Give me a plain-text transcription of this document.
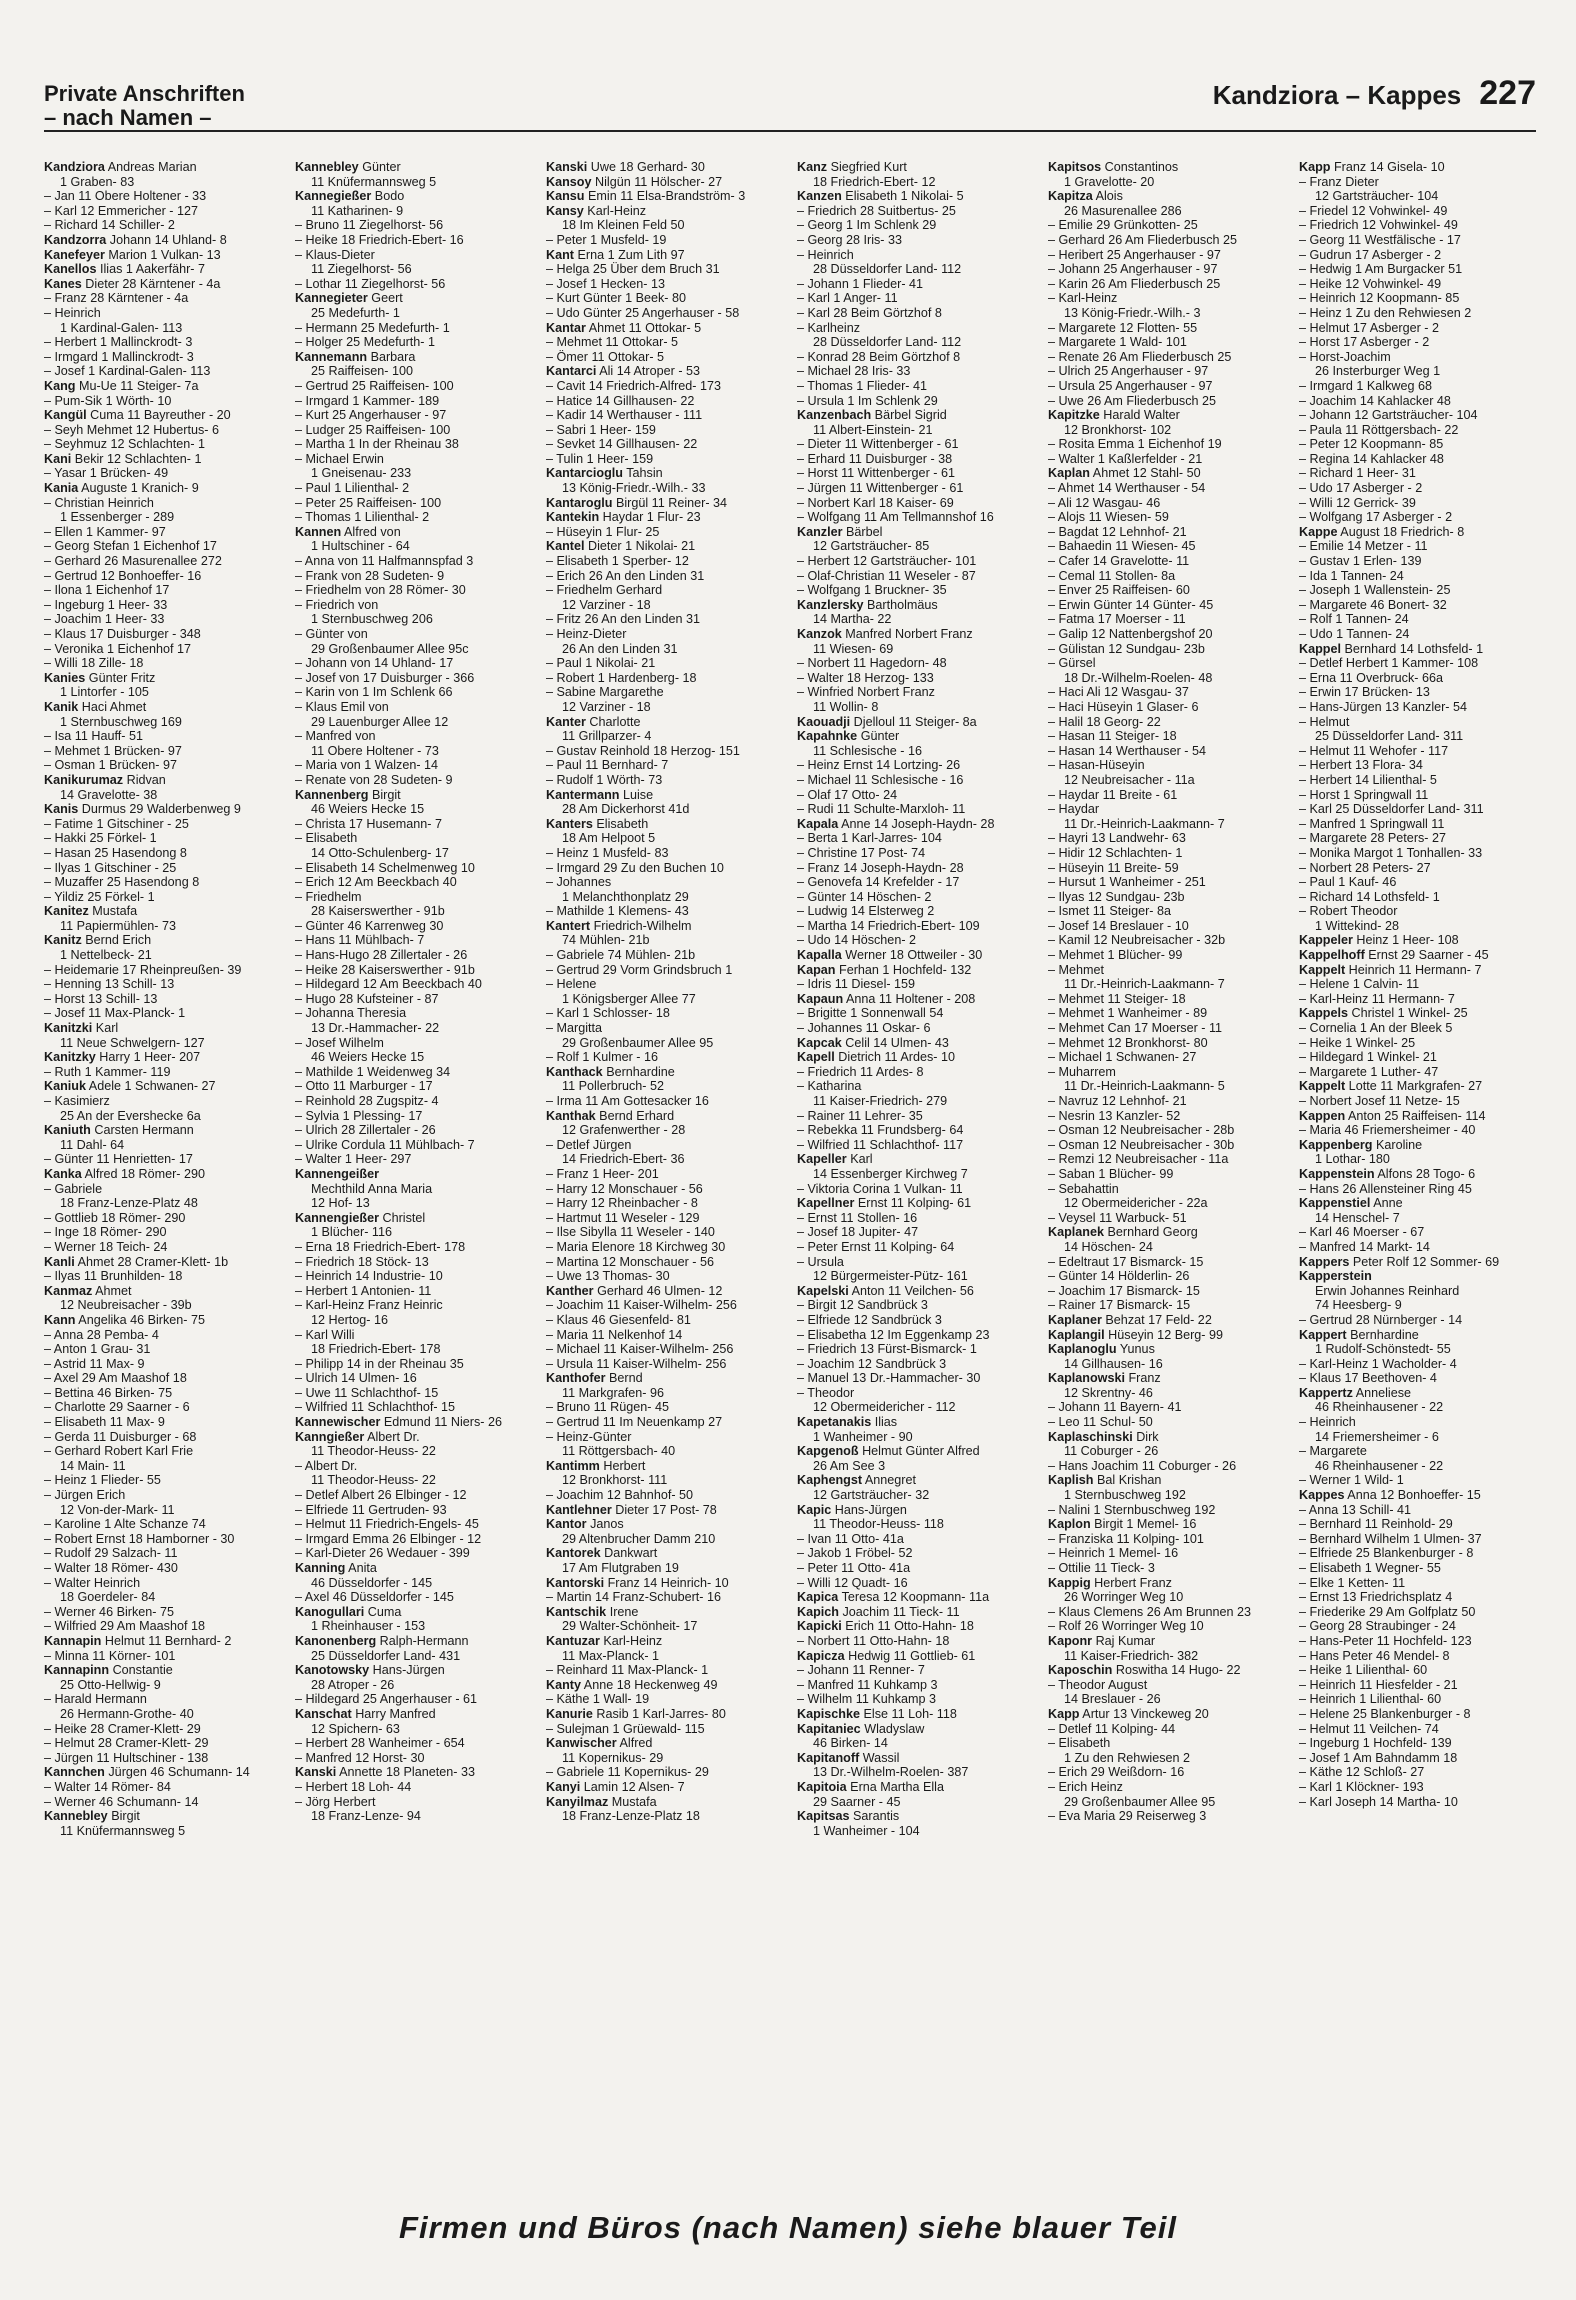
Private Anschriften
– nach Namen –
Kandziora – Kappes 227
Kandziora Andreas Marian
1 Graben- 83
– Jan 11 Obere Holtener - 33
– Karl 12 Emmericher - 127
– Richard 14 Schiller- 2
Kandzorra Johann 14 Uhland- 8
Kanefeyer Marion 1 Vulkan- 13
Kanellos Ilias 1 Aakerfähr- 7
Kanes Dieter 28 Kärntener - 4a
– Franz 28 Kärntener - 4a
– Heinrich
1 Kardinal-Galen- 113
– Herbert 1 Mallinckrodt- 3
– Irmgard 1 Mallinckrodt- 3
– Josef 1 Kardinal-Galen- 113
Kang Mu-Ue 11 Steiger- 7a
– Pum-Sik 1 Wörth- 10
Kangül Cuma 11 Bayreuther - 20
– Seyh Mehmet 12 Hubertus- 6
– Seyhmuz 12 Schlachten- 1
Kani Bekir 12 Schlachten- 1
– Yasar 1 Brücken- 49
Kania Auguste 1 Kranich- 9
– Christian Heinrich
1 Essenberger - 289
– Ellen 1 Kammer- 97
– Georg Stefan 1 Eichenhof 17
– Gerhard 26 Masurenallee 272
– Gertrud 12 Bonhoeffer- 16
– Ilona 1 Eichenhof 17
– Ingeburg 1 Heer- 33
– Joachim 1 Heer- 33
– Klaus 17 Duisburger - 348
– Veronika 1 Eichenhof 17
– Willi 18 Zille- 18
Kanies Günter Fritz
1 Lintorfer - 105
Kanik Haci Ahmet
1 Sternbuschweg 169
– Isa 11 Hauff- 51
– Mehmet 1 Brücken- 97
– Osman 1 Brücken- 97
Kanikurumaz Ridvan
14 Gravelotte- 38
Kanis Durmus 29 Walderbenweg 9
– Fatime 1 Gitschiner - 25
– Hakki 25 Förkel- 1
– Hasan 25 Hasendong 8
– Ilyas 1 Gitschiner - 25
– Muzaffer 25 Hasendong 8
– Yildiz 25 Förkel- 1
Kanitez Mustafa
11 Papiermühlen- 73
Kanitz Bernd Erich
1 Nettelbeck- 21
– Heidemarie 17 Rheinpreußen- 39
– Henning 13 Schill- 13
– Horst 13 Schill- 13
– Josef 11 Max-Planck- 1
Kanitzki Karl
11 Neue Schwelgern- 127
Kanitzky Harry 1 Heer- 207
– Ruth 1 Kammer- 119
Kaniuk Adele 1 Schwanen- 27
– Kasimierz
25 An der Evershecke 6a
Kaniuth Carsten Hermann
11 Dahl- 64
– Günter 11 Henrietten- 17
Kanka Alfred 18 Römer- 290
– Gabriele
18 Franz-Lenze-Platz 48
– Gottlieb 18 Römer- 290
– Inge 18 Römer- 290
– Werner 18 Teich- 24
Kanli Ahmet 28 Cramer-Klett- 1b
– Ilyas 11 Brunhilden- 18
Kanmaz Ahmet
12 Neubreisacher - 39b
Kann Angelika 46 Birken- 75
– Anna 28 Pemba- 4
– Anton 1 Grau- 31
– Astrid 11 Max- 9
– Axel 29 Am Maashof 18
– Bettina 46 Birken- 75
– Charlotte 29 Saarner - 6
– Elisabeth 11 Max- 9
– Gerda 11 Duisburger - 68
– Gerhard Robert Karl Frie
14 Main- 11
– Heinz 1 Flieder- 55
– Jürgen Erich
12 Von-der-Mark- 11
– Karoline 1 Alte Schanze 74
– Robert Ernst 18 Hamborner - 30
– Rudolf 29 Salzach- 11
– Walter 18 Römer- 430
– Walter Heinrich
18 Goerdeler- 84
– Werner 46 Birken- 75
– Wilfried 29 Am Maashof 18
Kannapin Helmut 11 Bernhard- 2
– Minna 11 Körner- 101
Kannapinn Constantie
25 Otto-Hellwig- 9
– Harald Hermann
26 Hermann-Grothe- 40
– Heike 28 Cramer-Klett- 29
– Helmut 28 Cramer-Klett- 29
– Jürgen 11 Hultschiner - 138
Kannchen Jürgen 46 Schumann- 14
– Walter 14 Römer- 84
– Werner 46 Schumann- 14
Kannebley Birgit
11 Knüfermannsweg 5
Kannebley Günter
11 Knüfermannsweg 5
Kannegießer Bodo
11 Katharinen- 9
– Bruno 11 Ziegelhorst- 56
– Heike 18 Friedrich-Ebert- 16
– Klaus-Dieter
11 Ziegelhorst- 56
– Lothar 11 Ziegelhorst- 56
Kannegieter Geert
25 Medefurth- 1
– Hermann 25 Medefurth- 1
– Holger 25 Medefurth- 1
Kannemann Barbara
25 Raiffeisen- 100
– Gertrud 25 Raiffeisen- 100
– Irmgard 1 Kammer- 189
– Kurt 25 Angerhauser - 97
– Ludger 25 Raiffeisen- 100
– Martha 1 In der Rheinau 38
– Michael Erwin
1 Gneisenau- 233
– Paul 1 Lilienthal- 2
– Peter 25 Raiffeisen- 100
– Thomas 1 Lilienthal- 2
Kannen Alfred von
1 Hultschiner - 64
– Anna von 11 Halfmannspfad 3
– Frank von 28 Sudeten- 9
– Friedhelm von 28 Römer- 30
– Friedrich von
1 Sternbuschweg 206
– Günter von
29 Großenbaumer Allee 95c
– Johann von 14 Uhland- 17
– Josef von 17 Duisburger - 366
– Karin von 1 Im Schlenk 66
– Klaus Emil von
29 Lauenburger Allee 12
– Manfred von
11 Obere Holtener - 73
– Maria von 1 Walzen- 14
– Renate von 28 Sudeten- 9
Kannenberg Birgit
46 Weiers Hecke 15
– Christa 17 Husemann- 7
– Elisabeth
14 Otto-Schulenberg- 17
– Elisabeth 14 Schelmenweg 10
– Erich 12 Am Beeckbach 40
– Friedhelm
28 Kaiserswerther - 91b
– Günter 46 Karrenweg 30
– Hans 11 Mühlbach- 7
– Hans-Hugo 28 Zillertaler - 26
– Heike 28 Kaiserswerther - 91b
– Hildegard 12 Am Beeckbach 40
– Hugo 28 Kufsteiner - 87
– Johanna Theresia
13 Dr.-Hammacher- 22
– Josef Wilhelm
46 Weiers Hecke 15
– Mathilde 1 Weidenweg 34
– Otto 11 Marburger - 17
– Reinhold 28 Zugspitz- 4
– Sylvia 1 Plessing- 17
– Ulrich 28 Zillertaler - 26
– Ulrike Cordula 11 Mühlbach- 7
– Walter 1 Heer- 297
Kannengeißer
Mechthild Anna Maria
12 Hof- 13
Kannengießer Christel
1 Blücher- 116
– Erna 18 Friedrich-Ebert- 178
– Friedrich 18 Stöck- 13
– Heinrich 14 Industrie- 10
– Herbert 1 Antonien- 11
– Karl-Heinz Franz Heinric
12 Hertog- 16
– Karl Willi
18 Friedrich-Ebert- 178
– Philipp 14 in der Rheinau 35
– Ulrich 14 Ulmen- 16
– Uwe 11 Schlachthof- 15
– Wilfried 11 Schlachthof- 15
Kannewischer Edmund 11 Niers- 26
Kanngießer Albert Dr.
11 Theodor-Heuss- 22
– Albert Dr.
11 Theodor-Heuss- 22
– Detlef Albert 26 Elbinger - 12
– Elfriede 11 Gertruden- 93
– Helmut 11 Friedrich-Engels- 45
– Irmgard Emma 26 Elbinger - 12
– Karl-Dieter 26 Wedauer - 399
Kanning Anita
46 Düsseldorfer - 145
– Axel 46 Düsseldorfer - 145
Kanogullari Cuma
1 Rheinhauser - 153
Kanonenberg Ralph-Hermann
25 Düsseldorfer Land- 431
Kanotowsky Hans-Jürgen
28 Atroper - 26
– Hildegard 25 Angerhauser - 61
Kanschat Harry Manfred
12 Spichern- 63
– Herbert 28 Wanheimer - 654
– Manfred 12 Horst- 30
Kanski Annette 18 Planeten- 33
– Herbert 18 Loh- 44
– Jörg Herbert
18 Franz-Lenze- 94
Kanski Uwe 18 Gerhard- 30
Kansoy Nilgün 11 Hölscher- 27
Kansu Emin 11 Elsa-Brandström- 3
Kansy Karl-Heinz
18 Im Kleinen Feld 50
– Peter 1 Musfeld- 19
Kant Erna 1 Zum Lith 97
– Helga 25 Über dem Bruch 31
– Josef 1 Hecken- 13
– Kurt Günter 1 Beek- 80
– Udo Günter 25 Angerhauser - 58
Kantar Ahmet 11 Ottokar- 5
– Mehmet 11 Ottokar- 5
– Ömer 11 Ottokar- 5
Kantarci Ali 14 Atroper - 53
– Cavit 14 Friedrich-Alfred- 173
– Hatice 14 Gillhausen- 22
– Kadir 14 Werthauser - 111
– Sabri 1 Heer- 159
– Sevket 14 Gillhausen- 22
– Tulin 1 Heer- 159
Kantarcioglu Tahsin
13 König-Friedr.-Wilh.- 33
Kantaroglu Birgül 11 Reiner- 34
Kantekin Haydar 1 Flur- 23
– Hüseyin 1 Flur- 25
Kantel Dieter 1 Nikolai- 21
– Elisabeth 1 Sperber- 12
– Erich 26 An den Linden 31
– Friedhelm Gerhard
12 Varziner - 18
– Fritz 26 An den Linden 31
– Heinz-Dieter
26 An den Linden 31
– Paul 1 Nikolai- 21
– Robert 1 Hardenberg- 18
– Sabine Margarethe
12 Varziner - 18
Kanter Charlotte
11 Grillparzer- 4
– Gustav Reinhold 18 Herzog- 151
– Paul 11 Bernhard- 7
– Rudolf 1 Wörth- 73
Kantermann Luise
28 Am Dickerhorst 41d
Kanters Elisabeth
18 Am Helpoot 5
– Heinz 1 Musfeld- 83
– Irmgard 29 Zu den Buchen 10
– Johannes
1 Melanchthonplatz 29
– Mathilde 1 Klemens- 43
Kantert Friedrich-Wilhelm
74 Mühlen- 21b
– Gabriele 74 Mühlen- 21b
– Gertrud 29 Vorm Grindsbruch 1
– Helene
1 Königsberger Allee 77
– Karl 1 Schlosser- 18
– Margitta
29 Großenbaumer Allee 95
– Rolf 1 Kulmer - 16
Kanthack Bernhardine
11 Pollerbruch- 52
– Irma 11 Am Gottesacker 16
Kanthak Bernd Erhard
12 Grafenwerther - 28
– Detlef Jürgen
14 Friedrich-Ebert- 36
– Franz 1 Heer- 201
– Harry 12 Monschauer - 56
– Harry 12 Rheinbacher - 8
– Hartmut 11 Weseler - 129
– Ilse Sibylla 11 Weseler - 140
– Maria Elenore 18 Kirchweg 30
– Martina 12 Monschauer - 56
– Uwe 13 Thomas- 30
Kanther Gerhard 46 Ulmen- 12
– Joachim 11 Kaiser-Wilhelm- 256
– Klaus 46 Giesenfeld- 81
– Maria 11 Nelkenhof 14
– Michael 11 Kaiser-Wilhelm- 256
– Ursula 11 Kaiser-Wilhelm- 256
Kanthofer Bernd
11 Markgrafen- 96
– Bruno 11 Rügen- 45
– Gertrud 11 Im Neuenkamp 27
– Heinz-Günter
11 Röttgersbach- 40
Kantimm Herbert
12 Bronkhorst- 111
– Joachim 12 Bahnhof- 50
Kantlehner Dieter 17 Post- 78
Kantor Janos
29 Altenbrucher Damm 210
Kantorek Dankwart
17 Am Flutgraben 19
Kantorski Franz 14 Heinrich- 10
– Martin 14 Franz-Schubert- 16
Kantschik Irene
29 Walter-Schönheit- 17
Kantuzar Karl-Heinz
11 Max-Planck- 1
– Reinhard 11 Max-Planck- 1
Kanty Anne 18 Heckenweg 49
– Käthe 1 Wall- 19
Kanurie Rasib 1 Karl-Jarres- 80
– Sulejman 1 Grüewald- 115
Kanwischer Alfred
11 Kopernikus- 29
– Gabriele 11 Kopernikus- 29
Kanyi Lamin 12 Alsen- 7
Kanyilmaz Mustafa
18 Franz-Lenze-Platz 18
Kanz Siegfried Kurt
18 Friedrich-Ebert- 12
Kanzen Elisabeth 1 Nikolai- 5
– Friedrich 28 Suitbertus- 25
– Georg 1 Im Schlenk 29
– Georg 28 Iris- 33
– Heinrich
28 Düsseldorfer Land- 112
– Johann 1 Flieder- 41
– Karl 1 Anger- 11
– Karl 28 Beim Görtzhof 8
– Karlheinz
28 Düsseldorfer Land- 112
– Konrad 28 Beim Görtzhof 8
– Michael 28 Iris- 33
– Thomas 1 Flieder- 41
– Ursula 1 Im Schlenk 29
Kanzenbach Bärbel Sigrid
11 Albert-Einstein- 21
– Dieter 11 Wittenberger - 61
– Erhard 11 Duisburger - 38
– Horst 11 Wittenberger - 61
– Jürgen 11 Wittenberger - 61
– Norbert Karl 18 Kaiser- 69
– Wolfgang 11 Am Tellmannshof 16
Kanzler Bärbel
12 Gartsträucher- 85
– Herbert 12 Gartsträucher- 101
– Olaf-Christian 11 Weseler - 87
– Wolfgang 1 Bruckner- 35
Kanzlersky Bartholmäus
14 Martha- 22
Kanzok Manfred Norbert Franz
11 Wiesen- 69
– Norbert 11 Hagedorn- 48
– Walter 18 Herzog- 133
– Winfried Norbert Franz
11 Wollin- 8
Kaouadji Djelloul 11 Steiger- 8a
Kapahnke Günter
11 Schlesische - 16
– Heinz Ernst 14 Lortzing- 26
– Michael 11 Schlesische - 16
– Olaf 17 Otto- 24
– Rudi 11 Schulte-Marxloh- 11
Kapala Anne 14 Joseph-Haydn- 28
– Berta 1 Karl-Jarres- 104
– Christine 17 Post- 74
– Franz 14 Joseph-Haydn- 28
– Genovefa 14 Krefelder - 17
– Günter 14 Höschen- 2
– Ludwig 14 Elsterweg 2
– Martha 14 Friedrich-Ebert- 109
– Udo 14 Höschen- 2
Kapalla Werner 18 Ottweiler - 30
Kapan Ferhan 1 Hochfeld- 132
– Idris 11 Diesel- 159
Kapaun Anna 11 Holtener - 208
– Brigitte 1 Sonnenwall 54
– Johannes 11 Oskar- 6
Kapcak Celil 14 Ulmen- 43
Kapell Dietrich 11 Ardes- 10
– Friedrich 11 Ardes- 8
– Katharina
11 Kaiser-Friedrich- 279
– Rainer 11 Lehrer- 35
– Rebekka 11 Frundsberg- 64
– Wilfried 11 Schlachthof- 117
Kapeller Karl
14 Essenberger Kirchweg 7
– Viktoria Corina 1 Vulkan- 11
Kapellner Ernst 11 Kolping- 61
– Ernst 11 Stollen- 16
– Josef 18 Jupiter- 47
– Peter Ernst 11 Kolping- 64
– Ursula
12 Bürgermeister-Pütz- 161
Kapelski Anton 11 Veilchen- 56
– Birgit 12 Sandbrück 3
– Elfriede 12 Sandbrück 3
– Elisabetha 12 Im Eggenkamp 23
– Friedrich 13 Fürst-Bismarck- 1
– Joachim 12 Sandbrück 3
– Manuel 13 Dr.-Hammacher- 30
– Theodor
12 Obermeidericher - 112
Kapetanakis Ilias
1 Wanheimer - 90
Kapgenoß Helmut Günter Alfred
26 Am See 3
Kaphengst Annegret
12 Gartsträucher- 32
Kapic Hans-Jürgen
11 Theodor-Heuss- 118
– Ivan 11 Otto- 41a
– Jakob 1 Fröbel- 52
– Peter 11 Otto- 41a
– Willi 12 Quadt- 16
Kapica Teresa 12 Koopmann- 11a
Kapich Joachim 11 Tieck- 11
Kapicki Erich 11 Otto-Hahn- 18
– Norbert 11 Otto-Hahn- 18
Kapicza Hedwig 11 Gottlieb- 61
– Johann 11 Renner- 7
– Manfred 11 Kuhkamp 3
– Wilhelm 11 Kuhkamp 3
Kapischke Else 11 Loh- 118
Kapitaniec Wladyslaw
46 Birken- 14
Kapitanoff Wassil
13 Dr.-Wilhelm-Roelen- 387
Kapitoia Erna Martha Ella
29 Saarner - 45
Kapitsas Sarantis
1 Wanheimer - 104
Kapitsos Constantinos
1 Gravelotte- 20
Kapitza Alois
26 Masurenallee 286
– Emilie 29 Grünkotten- 25
– Gerhard 26 Am Fliederbusch 25
– Heribert 25 Angerhauser - 97
– Johann 25 Angerhauser - 97
– Karin 26 Am Fliederbusch 25
– Karl-Heinz
13 König-Friedr.-Wilh.- 3
– Margarete 12 Flotten- 55
– Margarete 1 Wald- 101
– Renate 26 Am Fliederbusch 25
– Ulrich 25 Angerhauser - 97
– Ursula 25 Angerhauser - 97
– Uwe 26 Am Fliederbusch 25
Kapitzke Harald Walter
12 Bronkhorst- 102
– Rosita Emma 1 Eichenhof 19
– Walter 1 Kaßlerfelder - 21
Kaplan Ahmet 12 Stahl- 50
– Ahmet 14 Werthauser - 54
– Ali 12 Wasgau- 46
– Alojs 11 Wiesen- 59
– Bagdat 12 Lehnhof- 21
– Bahaedin 11 Wiesen- 45
– Cafer 14 Gravelotte- 11
– Cemal 11 Stollen- 8a
– Enver 25 Raiffeisen- 60
– Erwin Günter 14 Günter- 45
– Fatma 17 Moerser - 11
– Galip 12 Nattenbergshof 20
– Gülistan 12 Sundgau- 23b
– Gürsel
18 Dr.-Wilhelm-Roelen- 48
– Haci Ali 12 Wasgau- 37
– Haci Hüseyin 1 Glaser- 6
– Halil 18 Georg- 22
– Hasan 11 Steiger- 18
– Hasan 14 Werthauser - 54
– Hasan-Hüseyin
12 Neubreisacher - 11a
– Haydar 11 Breite - 61
– Haydar
11 Dr.-Heinrich-Laakmann- 7
– Hayri 13 Landwehr- 63
– Hidir 12 Schlachten- 1
– Hüseyin 11 Breite- 59
– Hursut 1 Wanheimer - 251
– Ilyas 12 Sundgau- 23b
– Ismet 11 Steiger- 8a
– Josef 14 Breslauer - 10
– Kamil 12 Neubreisacher - 32b
– Mehmet 1 Blücher- 99
– Mehmet
11 Dr.-Heinrich-Laakmann- 7
– Mehmet 11 Steiger- 18
– Mehmet 1 Wanheimer - 89
– Mehmet Can 17 Moerser - 11
– Mehmet 12 Bronkhorst- 80
– Michael 1 Schwanen- 27
– Muharrem
11 Dr.-Heinrich-Laakmann- 5
– Navruz 12 Lehnhof- 21
– Nesrin 13 Kanzler- 52
– Osman 12 Neubreisacher - 28b
– Osman 12 Neubreisacher - 30b
– Remzi 12 Neubreisacher - 11a
– Saban 1 Blücher- 99
– Sebahattin
12 Obermeidericher - 22a
– Veysel 11 Warbuck- 51
Kaplanek Bernhard Georg
14 Höschen- 24
– Edeltraut 17 Bismarck- 15
– Günter 14 Hölderlin- 26
– Joachim 17 Bismarck- 15
– Rainer 17 Bismarck- 15
Kaplaner Behzat 17 Feld- 22
Kaplangil Hüseyin 12 Berg- 99
Kaplanoglu Yunus
14 Gillhausen- 16
Kaplanowski Franz
12 Skrentny- 46
– Johann 11 Bayern- 41
– Leo 11 Schul- 50
Kaplaschinski Dirk
11 Coburger - 26
– Hans Joachim 11 Coburger - 26
Kaplish Bal Krishan
1 Sternbuschweg 192
– Nalini 1 Sternbuschweg 192
Kaplon Birgit 1 Memel- 16
– Franziska 11 Kolping- 101
– Heinrich 1 Memel- 16
– Ottilie 11 Tieck- 3
Kappig Herbert Franz
26 Worringer Weg 10
– Klaus Clemens 26 Am Brunnen 23
– Rolf 26 Worringer Weg 10
Kaponr Raj Kumar
11 Kaiser-Friedrich- 382
Kaposchin Roswitha 14 Hugo- 22
– Theodor August
14 Breslauer - 26
Kapp Artur 13 Vinckeweg 20
– Detlef 11 Kolping- 44
– Elisabeth
1 Zu den Rehwiesen 2
– Erich 29 Weißdorn- 16
– Erich Heinz
29 Großenbaumer Allee 95
– Eva Maria 29 Reiserweg 3
Kapp Franz 14 Gisela- 10
– Franz Dieter
12 Gartsträucher- 104
– Friedel 12 Vohwinkel- 49
– Friedrich 12 Vohwinkel- 49
– Georg 11 Westfälische - 17
– Gudrun 17 Asberger - 2
– Hedwig 1 Am Burgacker 51
– Heike 12 Vohwinkel- 49
– Heinrich 12 Koopmann- 85
– Heinz 1 Zu den Rehwiesen 2
– Helmut 17 Asberger - 2
– Horst 17 Asberger - 2
– Horst-Joachim
26 Insterburger Weg 1
– Irmgard 1 Kalkweg 68
– Joachim 14 Kahlacker 48
– Johann 12 Gartsträucher- 104
– Paula 11 Röttgersbach- 22
– Peter 12 Koopmann- 85
– Regina 14 Kahlacker 48
– Richard 1 Heer- 31
– Udo 17 Asberger - 2
– Willi 12 Gerrick- 39
– Wolfgang 17 Asberger - 2
Kappe August 18 Friedrich- 8
– Emilie 14 Metzer - 11
– Gustav 1 Erlen- 139
– Ida 1 Tannen- 24
– Joseph 1 Wallenstein- 25
– Margarete 46 Bonert- 32
– Rolf 1 Tannen- 24
– Udo 1 Tannen- 24
Kappel Bernhard 14 Lothsfeld- 1
– Detlef Herbert 1 Kammer- 108
– Erna 11 Overbruck- 66a
– Erwin 17 Brücken- 13
– Hans-Jürgen 13 Kanzler- 54
– Helmut
25 Düsseldorfer Land- 311
– Helmut 11 Wehofer - 117
– Herbert 13 Flora- 34
– Herbert 14 Lilienthal- 5
– Horst 1 Springwall 11
– Karl 25 Düsseldorfer Land- 311
– Manfred 1 Springwall 11
– Margarete 28 Peters- 27
– Monika Margot 1 Tonhallen- 33
– Norbert 28 Peters- 27
– Paul 1 Kauf- 46
– Richard 14 Lothsfeld- 1
– Robert Theodor
1 Wittekind- 28
Kappeler Heinz 1 Heer- 108
Kappelhoff Ernst 29 Saarner - 45
Kappelt Heinrich 11 Hermann- 7
– Helene 1 Calvin- 11
– Karl-Heinz 11 Hermann- 7
Kappels Christel 1 Winkel- 25
– Cornelia 1 An der Bleek 5
– Heike 1 Winkel- 25
– Hildegard 1 Winkel- 21
– Margarete 1 Luther- 47
Kappelt Lotte 11 Markgrafen- 27
– Norbert Josef 11 Netze- 15
Kappen Anton 25 Raiffeisen- 114
– Maria 46 Friemersheimer - 40
Kappenberg Karoline
1 Lothar- 180
Kappenstein Alfons 28 Togo- 6
– Hans 26 Allensteiner Ring 45
Kappenstiel Anne
14 Henschel- 7
– Karl 46 Moerser - 67
– Manfred 14 Markt- 14
Kappers Peter Rolf 12 Sommer- 69
Kapperstein
Erwin Johannes Reinhard
74 Heesberg- 9
– Gertrud 28 Nürnberger - 14
Kappert Bernhardine
1 Rudolf-Schönstedt- 55
– Karl-Heinz 1 Wacholder- 4
– Klaus 17 Beethoven- 4
Kappertz Anneliese
46 Rheinhausener - 22
– Heinrich
14 Friemersheimer - 6
– Margarete
46 Rheinhausener - 22
– Werner 1 Wild- 1
Kappes Anna 12 Bonhoeffer- 15
– Anna 13 Schill- 41
– Bernhard 11 Reinhold- 29
– Bernhard Wilhelm 1 Ulmen- 37
– Elfriede 25 Blankenburger - 8
– Elisabeth 1 Wegner- 55
– Elke 1 Ketten- 11
– Ernst 13 Friedrichsplatz 4
– Friederike 29 Am Golfplatz 50
– Georg 28 Straubinger - 24
– Hans-Peter 11 Hochfeld- 123
– Hans Peter 46 Mendel- 8
– Heike 1 Lilienthal- 60
– Heinrich 11 Hiesfelder - 21
– Heinrich 1 Lilienthal- 60
– Helene 25 Blankenburger - 8
– Helmut 11 Veilchen- 74
– Ingeburg 1 Hochfeld- 139
– Josef 1 Am Bahndamm 18
– Käthe 12 Schloß- 27
– Karl 1 Klöckner- 193
– Karl Joseph 14 Martha- 10
Firmen und Büros (nach Namen) siehe blauer Teil
